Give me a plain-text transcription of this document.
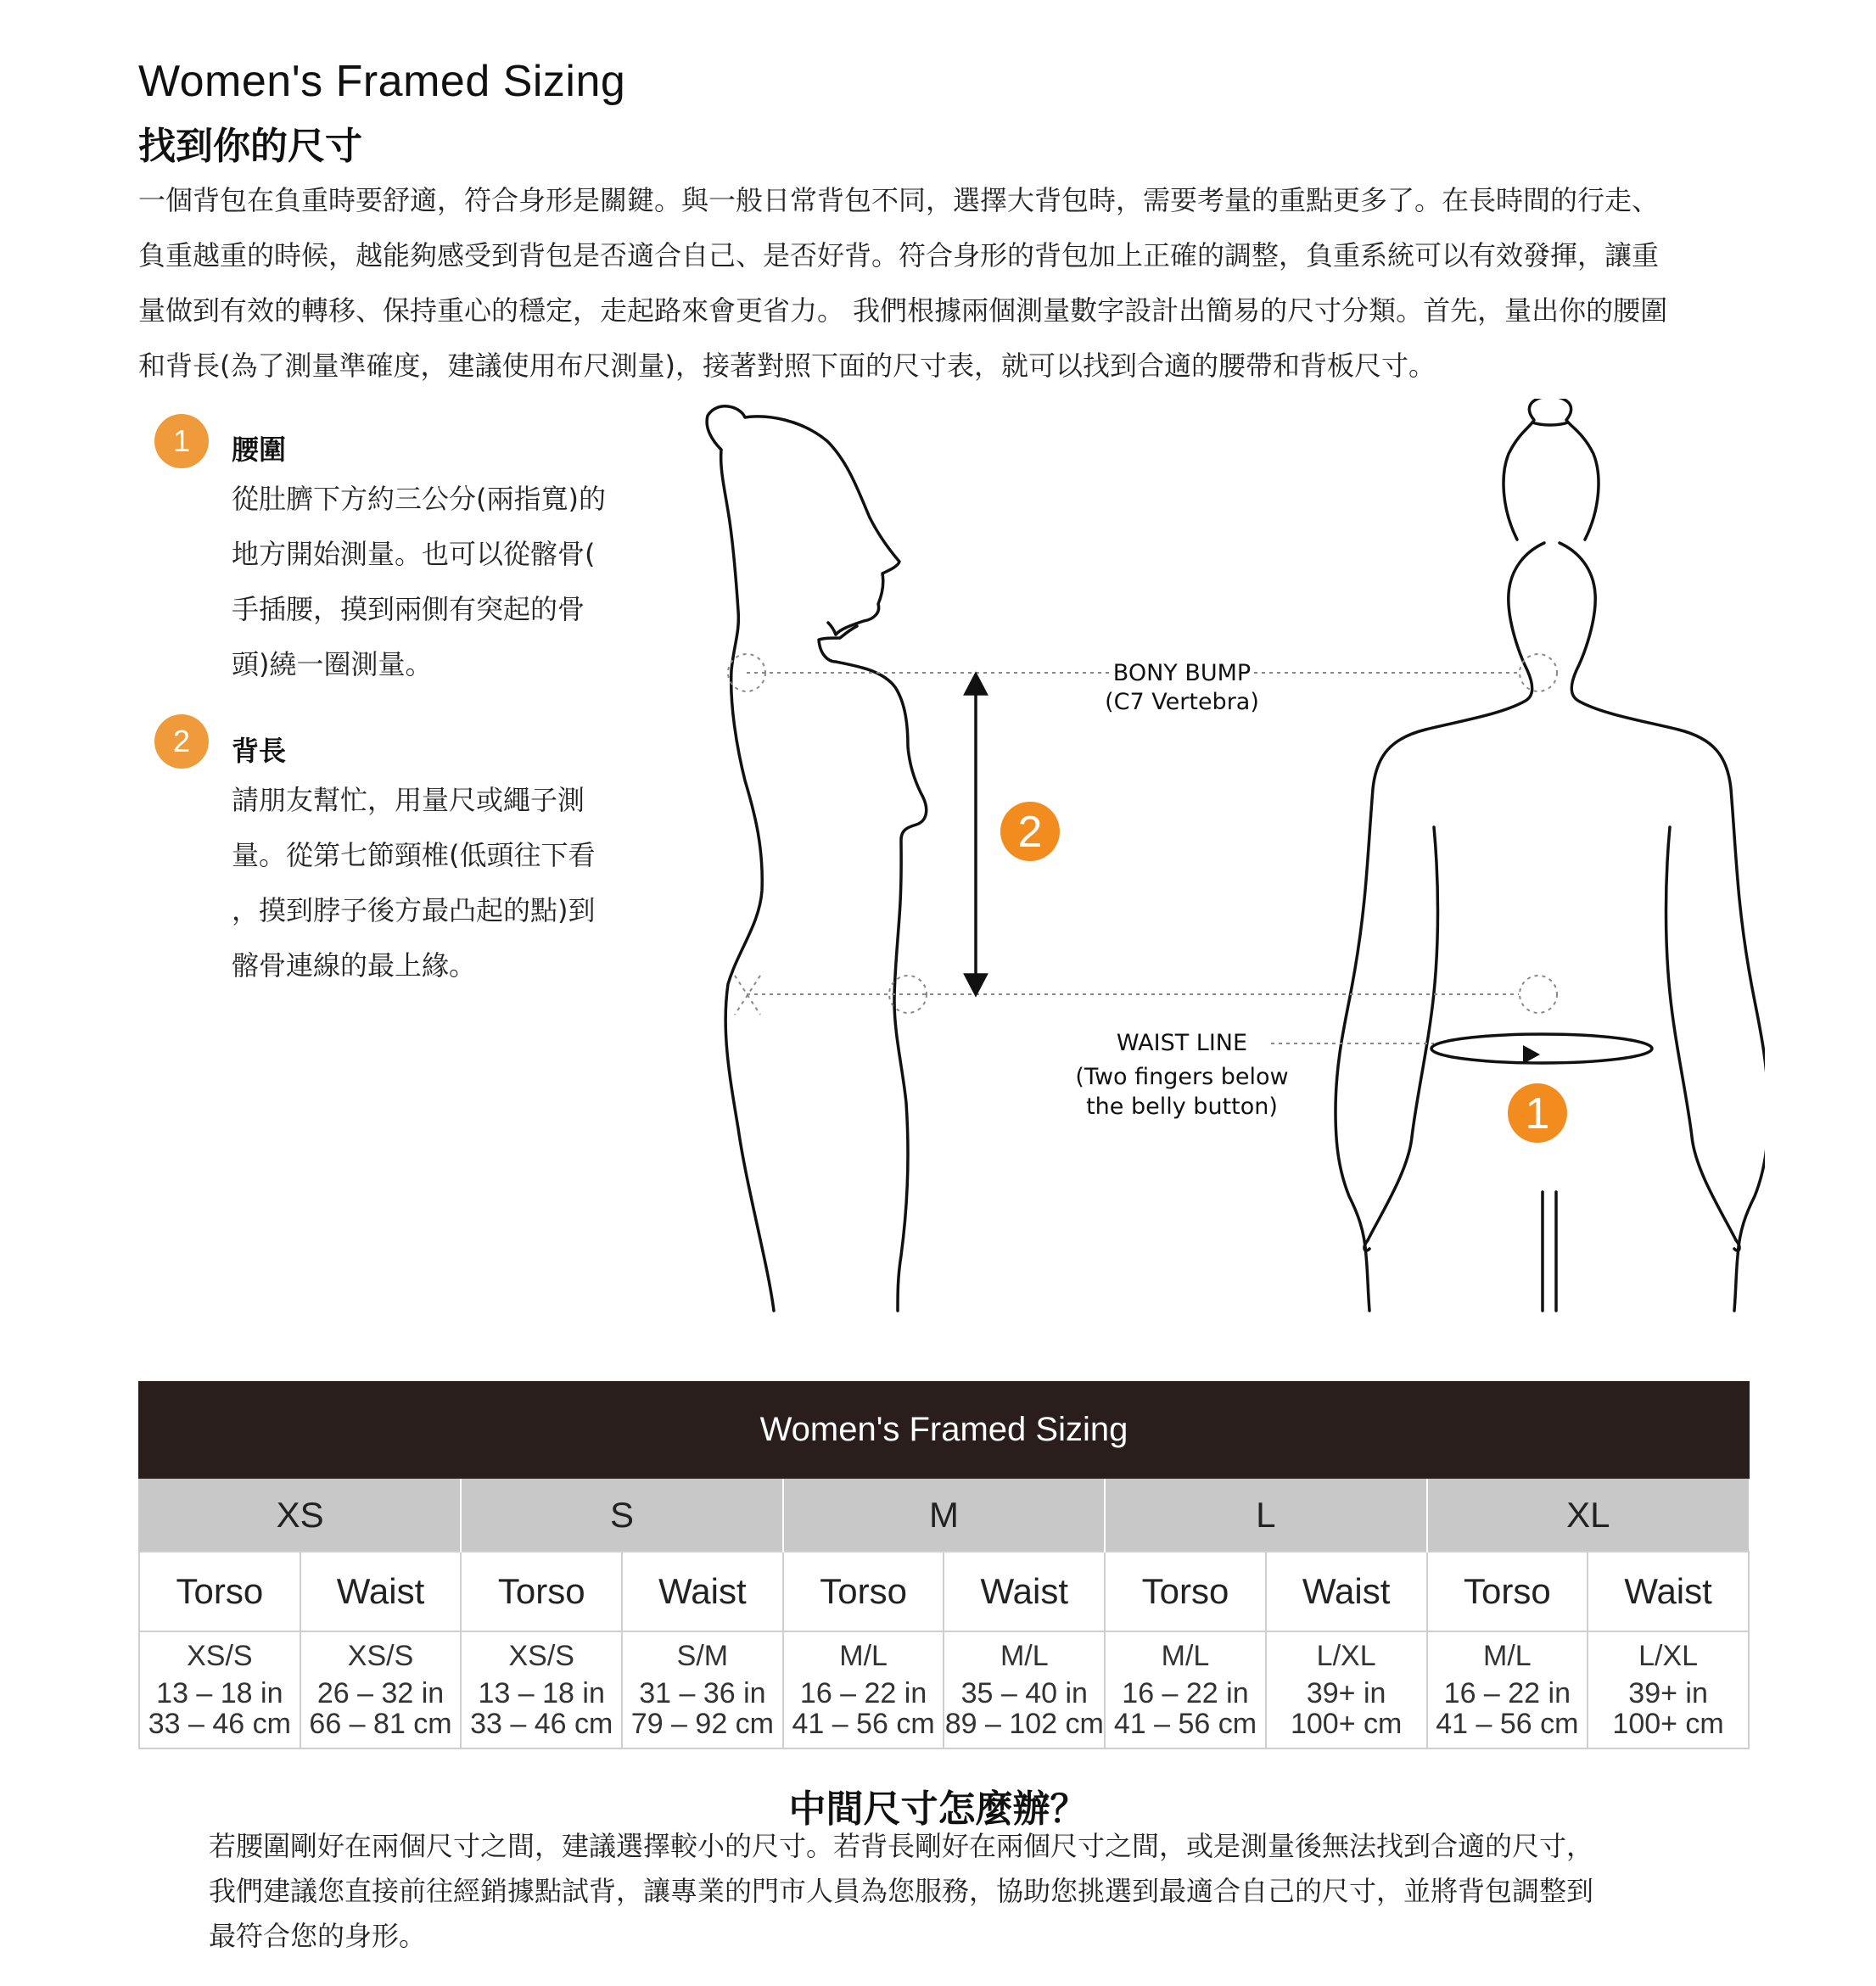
Women's Framed Sizing
找到你的尺寸

一個背包在負重時要舒適，符合身形是關鍵。與一般日常背包不同，選擇大背包時，需要考量的重點更多了。在長時間的行走、

負重越重的時候，越能夠感受到背包是否適合自己、是否好背。符合身形的背包加上正確的調整，負重系統可以有效發揮，讓重

量做到有效的轉移、保持重心的穩定，走起路來會更省力。 我們根據兩個測量數字設計出簡易的尺寸分類。首先，量出你的腰圍

和背長(為了測量準確度，建議使用布尺測量)，接著對照下面的尺寸表，就可以找到合適的腰帶和背板尺寸。

1	腰圍

從肚臍下方約三公分(兩指寬)的

地方開始測量。也可以從髂骨(

手插腰，摸到兩側有突起的骨

頭)繞一圈測量。

2	背長

請朋友幫忙，用量尺或繩子測

量。從第七節頸椎(低頭往下看

，摸到脖子後方最凸起的點)到

髂骨連線的最上緣。

2
1
BONY BUMP
(C7 Vertebra)
WAIST LINE
(Two fingers below
the belly button)
Women's Framed Sizing									
XS		S		M		L		XL	
Torso	Waist	Torso	Waist	Torso	Waist	Torso	Waist	Torso	Waist

XS/S
13 – 18 in
33 – 46 cm	XS/S
26 – 32 in
66 – 81 cm	XS/S
13 – 18 in
33 – 46 cm	S/M
31 – 36 in
79 – 92 cm	M/L
16 – 22 in
41 – 56 cm	M/L
35 – 40 in
89 – 102 cm	M/L
16 – 22 in
41 – 56 cm	L/XL
39+ in
100+ cm	M/L
16 – 22 in
41 – 56 cm	L/XL
39+ in
100+ cm
中間尺寸怎麼辦？

若腰圍剛好在兩個尺寸之間，建議選擇較小的尺寸。若背長剛好在兩個尺寸之間，或是測量後無法找到合適的尺寸，

我們建議您直接前往經銷據點試背，讓專業的門市人員為您服務，協助您挑選到最適合自己的尺寸，並將背包調整到

最符合您的身形。
